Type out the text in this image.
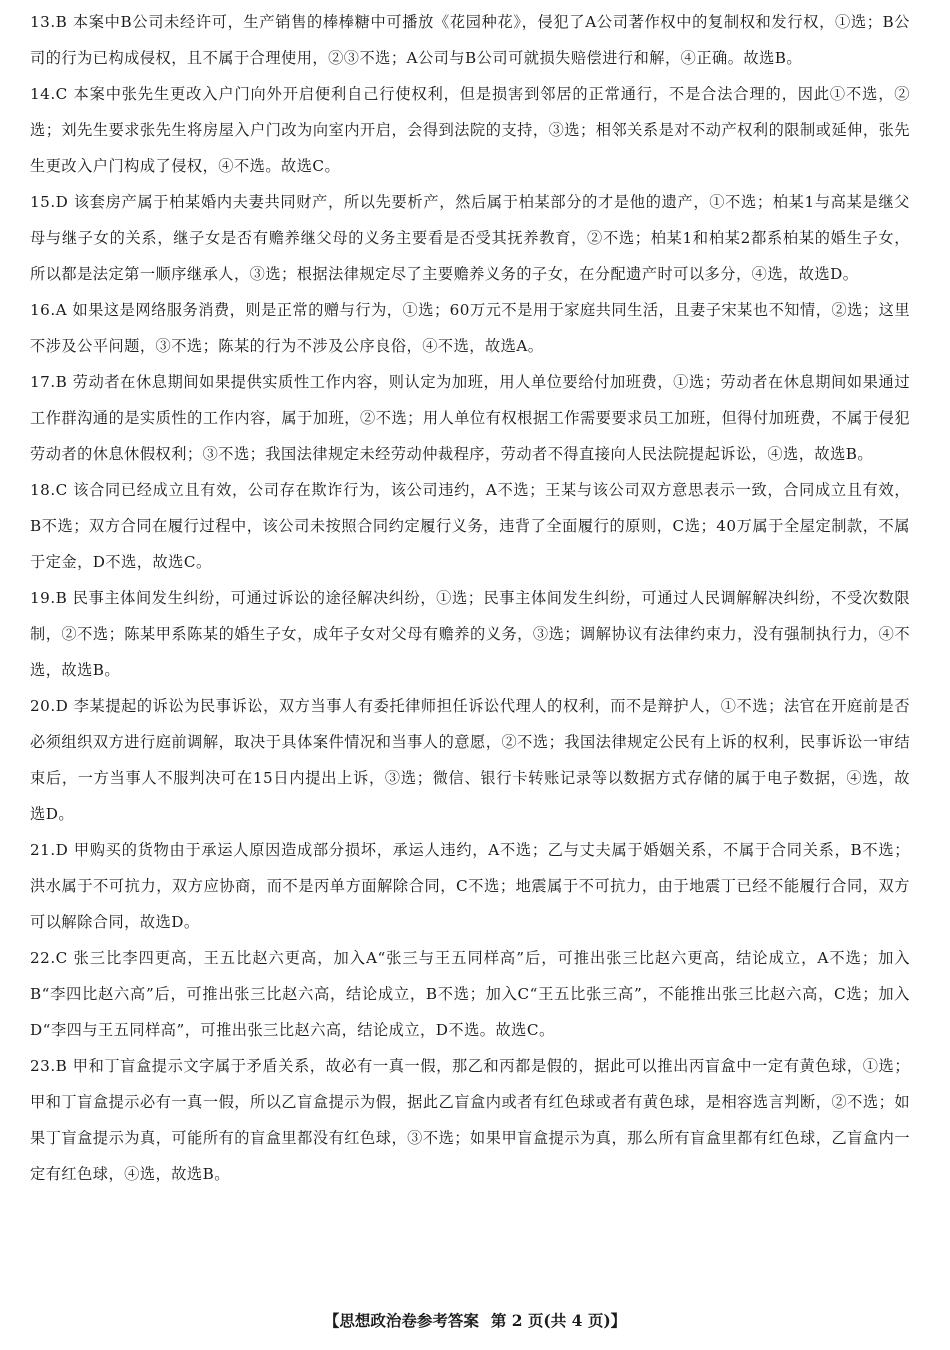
13.B 本案中B公司未经许可，生产销售的棒棒糖中可播放《花园种花》，侵犯了A公司著作权中的复制权和发行权，①选；B公司的行为已构成侵权，且不属于合理使用，②③不选；A公司与B公司可就损失赔偿进行和解，④正确。故选B。

14.C 本案中张先生更改入户门向外开启便利自己行使权利，但是损害到邻居的正常通行，不是合法合理的，因此①不选，②选；刘先生要求张先生将房屋入户门改为向室内开启，会得到法院的支持，③选；相邻关系是对不动产权利的限制或延伸，张先生更改入户门构成了侵权，④不选。故选C。

15.D 该套房产属于柏某婚内夫妻共同财产，所以先要析产，然后属于柏某部分的才是他的遗产，①不选；柏某1与高某是继父母与继子女的关系，继子女是否有赡养继父母的义务主要看是否受其抚养教育，②不选；柏某1和柏某2都系柏某的婚生子女，所以都是法定第一顺序继承人，③选；根据法律规定尽了主要赡养义务的子女，在分配遗产时可以多分，④选，故选D。

16.A 如果这是网络服务消费，则是正常的赠与行为，①选；60万元不是用于家庭共同生活，且妻子宋某也不知情，②选；这里不涉及公平问题，③不选；陈某的行为不涉及公序良俗，④不选，故选A。

17.B 劳动者在休息期间如果提供实质性工作内容，则认定为加班，用人单位要给付加班费，①选；劳动者在休息期间如果通过工作群沟通的是实质性的工作内容，属于加班，②不选；用人单位有权根据工作需要要求员工加班，但得付加班费，不属于侵犯劳动者的休息休假权利；③不选；我国法律规定未经劳动仲裁程序，劳动者不得直接向人民法院提起诉讼，④选，故选B。

18.C 该合同已经成立且有效，公司存在欺诈行为，该公司违约，A不选；王某与该公司双方意思表示一致，合同成立且有效，B不选；双方合同在履行过程中，该公司未按照合同约定履行义务，违背了全面履行的原则，C选；40万属于全屋定制款，不属于定金，D不选，故选C。

19.B 民事主体间发生纠纷，可通过诉讼的途径解决纠纷，①选；民事主体间发生纠纷，可通过人民调解解决纠纷，不受次数限制，②不选；陈某甲系陈某的婚生子女，成年子女对父母有赡养的义务，③选；调解协议有法律约束力，没有强制执行力，④不选，故选B。

20.D 李某提起的诉讼为民事诉讼，双方当事人有委托律师担任诉讼代理人的权利，而不是辩护人，①不选；法官在开庭前是否必须组织双方进行庭前调解，取决于具体案件情况和当事人的意愿，②不选；我国法律规定公民有上诉的权利，民事诉讼一审结束后，一方当事人不服判决可在15日内提出上诉，③选；微信、银行卡转账记录等以数据方式存储的属于电子数据，④选，故选D。

21.D 甲购买的货物由于承运人原因造成部分损坏，承运人违约，A不选；乙与丈夫属于婚姻关系，不属于合同关系，B不选；洪水属于不可抗力，双方应协商，而不是丙单方面解除合同，C不选；地震属于不可抗力，由于地震丁已经不能履行合同，双方可以解除合同，故选D。

22.C 张三比李四更高，王五比赵六更高，加入A“张三与王五同样高”后，可推出张三比赵六更高，结论成立，A不选；加入B“李四比赵六高”后，可推出张三比赵六高，结论成立，B不选；加入C“王五比张三高”，不能推出张三比赵六高，C选；加入D“李四与王五同样高”，可推出张三比赵六高，结论成立，D不选。故选C。

23.B 甲和丁盲盒提示文字属于矛盾关系，故必有一真一假，那乙和丙都是假的，据此可以推出丙盲盒中一定有黄色球，①选；甲和丁盲盒提示必有一真一假，所以乙盲盒提示为假，据此乙盲盒内或者有红色球或者有黄色球，是相容选言判断，②不选；如果丁盲盒提示为真，可能所有的盲盒里都没有红色球，③不选；如果甲盲盒提示为真，那么所有盲盒里都有红色球，乙盲盒内一定有红色球，④选，故选B。

【思想政治卷参考答案 第 2 页(共 4 页)】
